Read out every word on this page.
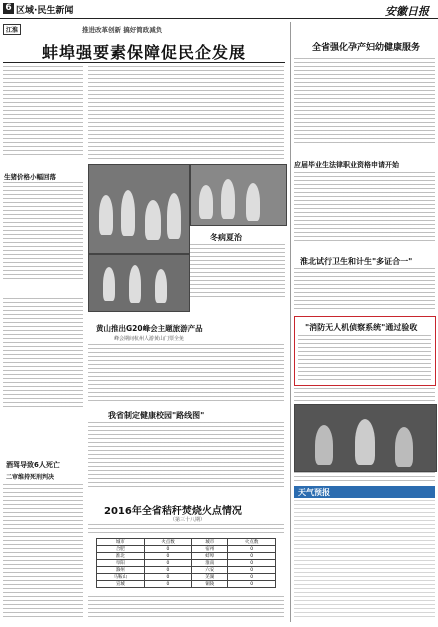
6 区域·民生新闻	安徽日报
江淮	推进改革创新 搞好简政减负
蚌埠强要素保障促民企发展	全省强化孕产妇幼健康服务
生猪价格小幅回落
酒驾导致6人死亡
二审维持死刑判决
冬病夏治
黄山推出G20峰会主题旅游产品
峰会期间杭州人游黄山门票全免
我省制定健康校园"路线图"
2016年全省秸秆焚烧火点情况
（第三十八期）
城市	火点数	城市	火点数
合肥	0	宿州	0
淮北	0	蚌埠	0
阜阳	0	淮南	0
滁州	0	六安	0
马鞍山	0	芜湖	0
宣城	0	铜陵	0
应届毕业生法律职业资格申请开始
淮北试行卫生和计生"多证合一"
"消防无人机侦察系统"通过验收
天气预报
